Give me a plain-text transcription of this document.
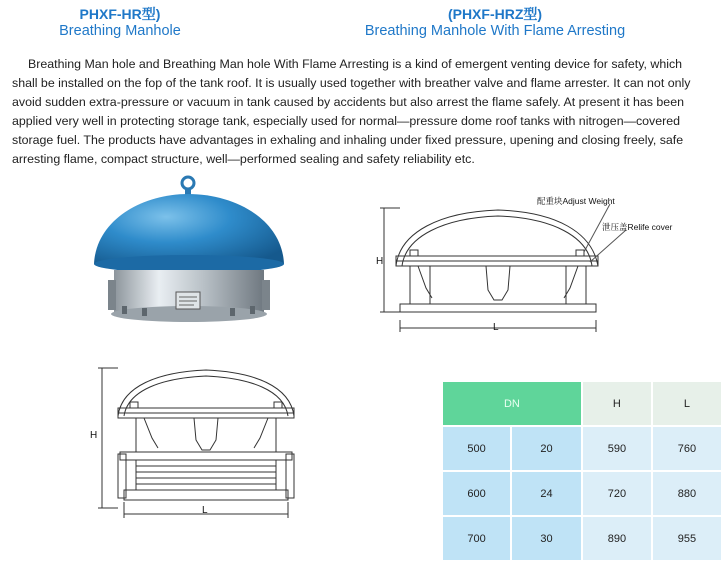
PHXF-HR型)
Breathing Manhole
(PHXF-HRZ型)
Breathing Manhole With Flame Arresting
Breathing Man hole and Breathing Man hole With Flame Arresting is a kind of emergent venting device for safety, which
shall be installed on the fop of the tank roof. It is usually used together with breather valve and flame arrester. It can not only
avoid sudden extra-pressure or vacuum in tank caused by accidents but also arrest the flame safely. At present it has been
applied very well in protecting storage tank, especially used for normal—pressure dome roof tanks with nitrogen—covered
storage fuel. The products have advantages in exhaling and inhaling under fixed pressure, upening and closing freely, safe
arresting flame, compact structure, well—performed sealing and safety reliability etc.
配重块Adjust Weight
泄压盖Relife cover
H
L
H
L
DN		H	L
500	20	590	760
600	24	720	880
700	30	890	955
